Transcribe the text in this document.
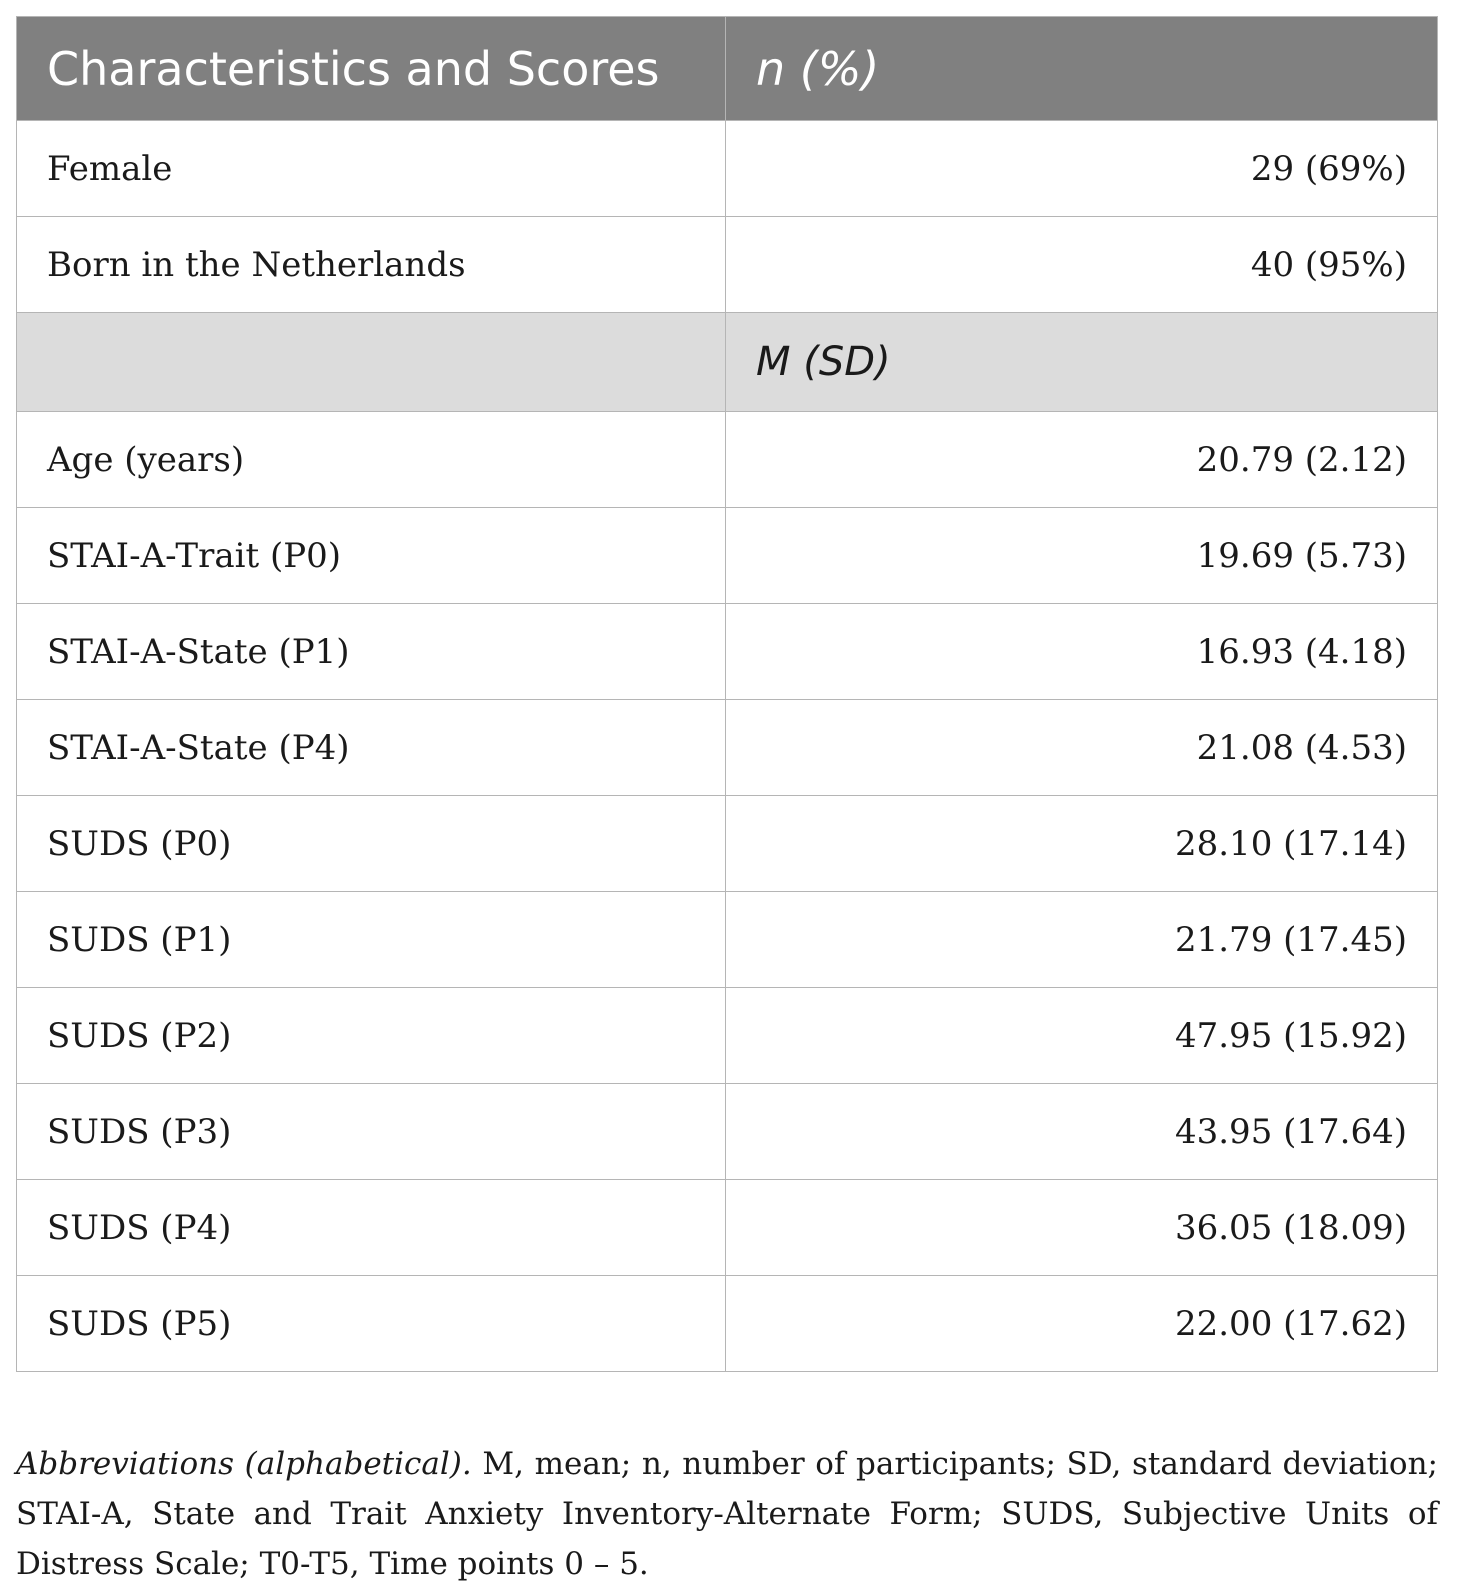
Characteristics and Scores	n (%)
Female	29 (69%)
Born in the Netherlands	40 (95%)
	M (SD)
Age (years)	20.79 (2.12)
STAI-A-Trait (P0)	19.69 (5.73)
STAI-A-State (P1)	16.93 (4.18)
STAI-A-State (P4)	21.08 (4.53)
SUDS (P0)	28.10 (17.14)
SUDS (P1)	21.79 (17.45)
SUDS (P2)	47.95 (15.92)
SUDS (P3)	43.95 (17.64)
SUDS (P4)	36.05 (18.09)
SUDS (P5)	22.00 (17.62)

Abbreviations (alphabetical). M, mean; n, number of participants; SD, standard deviation; STAI-A, State and Trait Anxiety Inventory-Alternate Form; SUDS, Subjective Units of Distress Scale; T0-T5, Time points 0 – 5.
